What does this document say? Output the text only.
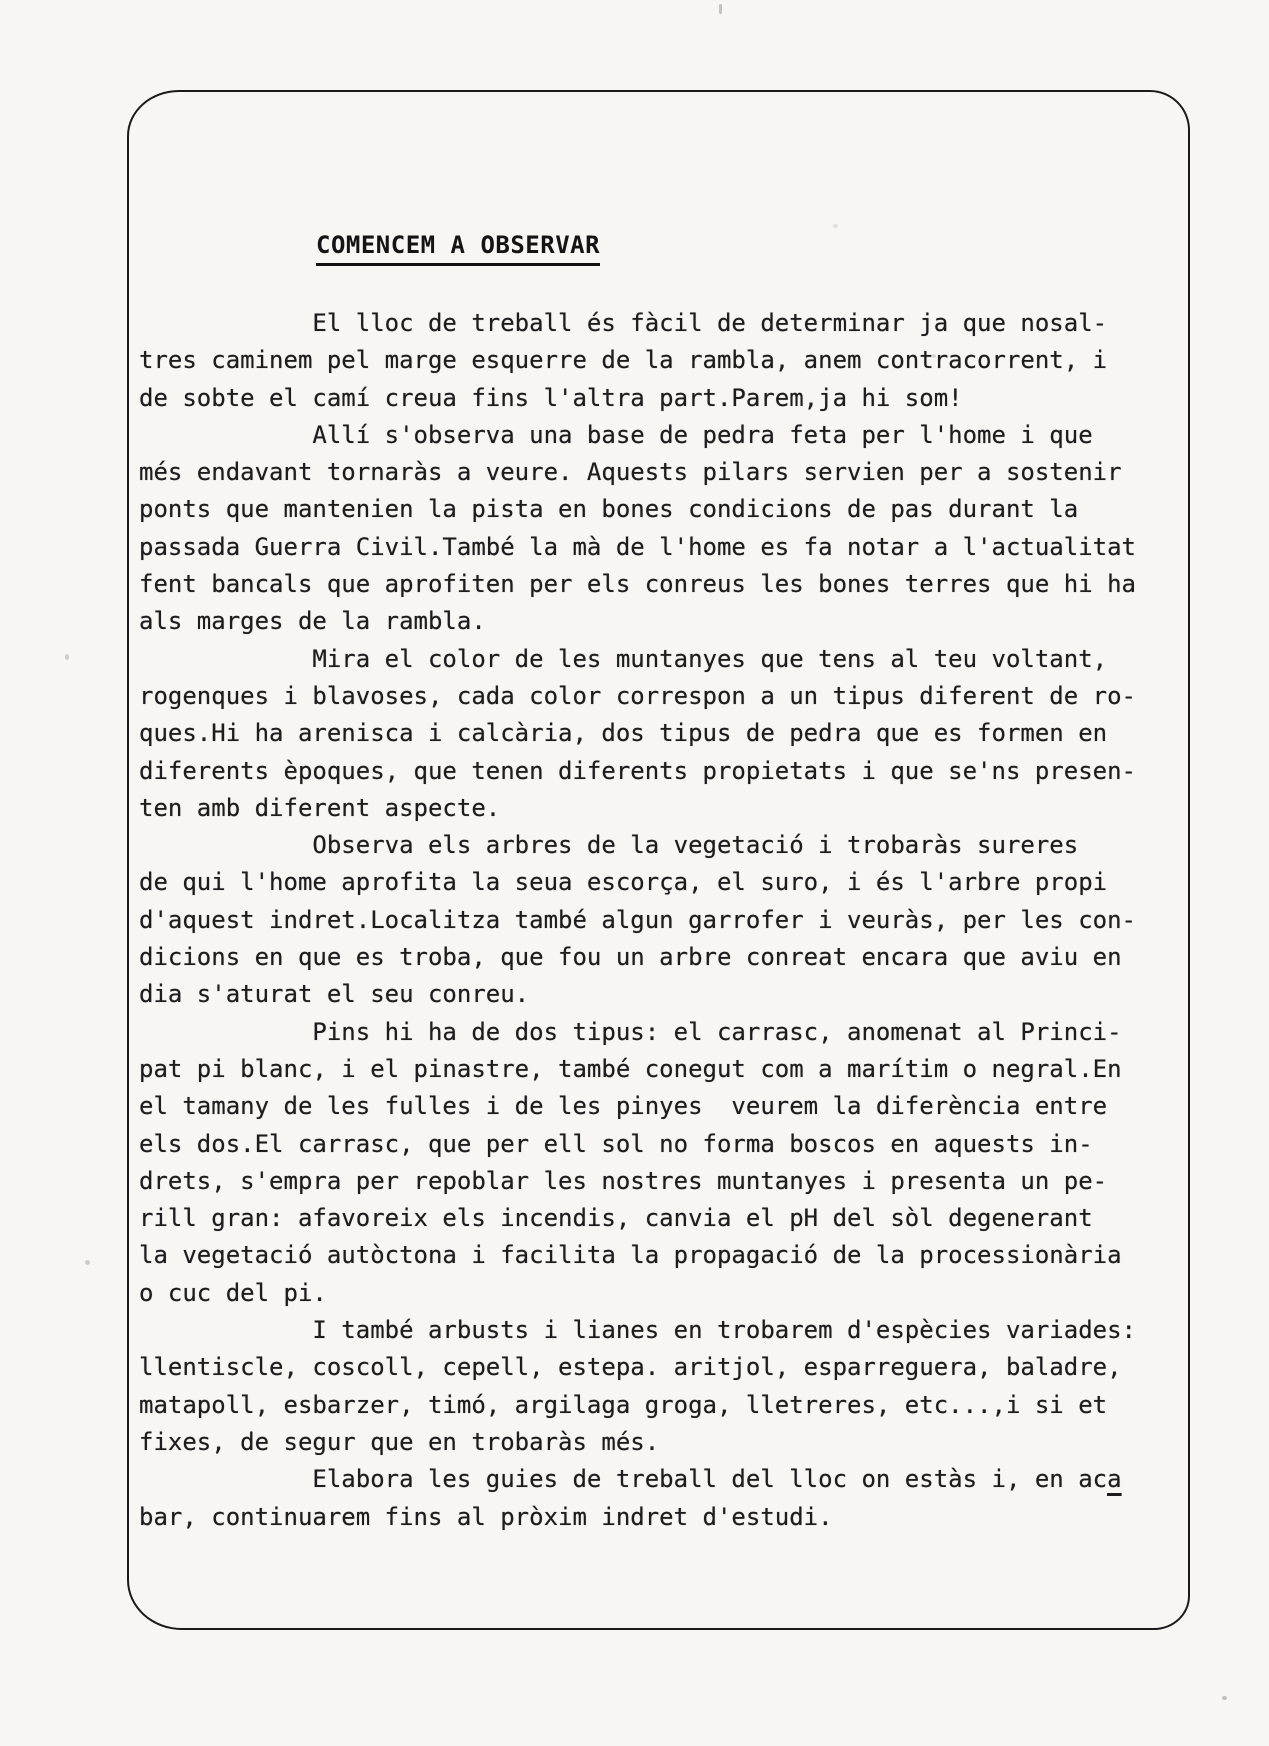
COMENCEM A OBSERVAR
El lloc de treball és fàcil de determinar ja que nosal-
tres caminem pel marge esquerre de la rambla, anem contracorrent, i
de sobte el camí creua fins l'altra part.Parem,ja hi som!
Allí s'observa una base de pedra feta per l'home i que
més endavant tornaràs a veure. Aquests pilars servien per a sostenir
ponts que mantenien la pista en bones condicions de pas durant la
passada Guerra Civil.També la mà de l'home es fa notar a l'actualitat
fent bancals que aprofiten per els conreus les bones terres que hi ha
als marges de la rambla.
Mira el color de les muntanyes que tens al teu voltant,
rogenques i blavoses, cada color correspon a un tipus diferent de ro-
ques.Hi ha arenisca i calcària, dos tipus de pedra que es formen en
diferents èpoques, que tenen diferents propietats i que se'ns presen-
ten amb diferent aspecte.
Observa els arbres de la vegetació i trobaràs sureres
de qui l'home aprofita la seua escorça, el suro, i és l'arbre propi
d'aquest indret.Localitza també algun garrofer i veuràs, per les con-
dicions en que es troba, que fou un arbre conreat encara que aviu en
dia s'aturat el seu conreu.
Pins hi ha de dos tipus: el carrasc, anomenat al Princi-
pat pi blanc, i el pinastre, també conegut com a marítim o negral.En
el tamany de les fulles i de les pinyes  veurem la diferència entre
els dos.El carrasc, que per ell sol no forma boscos en aquests in-
drets, s'empra per repoblar les nostres muntanyes i presenta un pe-
rill gran: afavoreix els incendis, canvia el pH del sòl degenerant
la vegetació autòctona i facilita la propagació de la processionària
o cuc del pi.
I també arbusts i lianes en trobarem d'espècies variades:
llentiscle, coscoll, cepell, estepa. aritjol, esparreguera, baladre,
matapoll, esbarzer, timó, argilaga groga, lletreres, etc...,i si et
fixes, de segur que en trobaràs més.
Elabora les guies de treball del lloc on estàs i, en aca
bar, continuarem fins al pròxim indret d'estudi.
